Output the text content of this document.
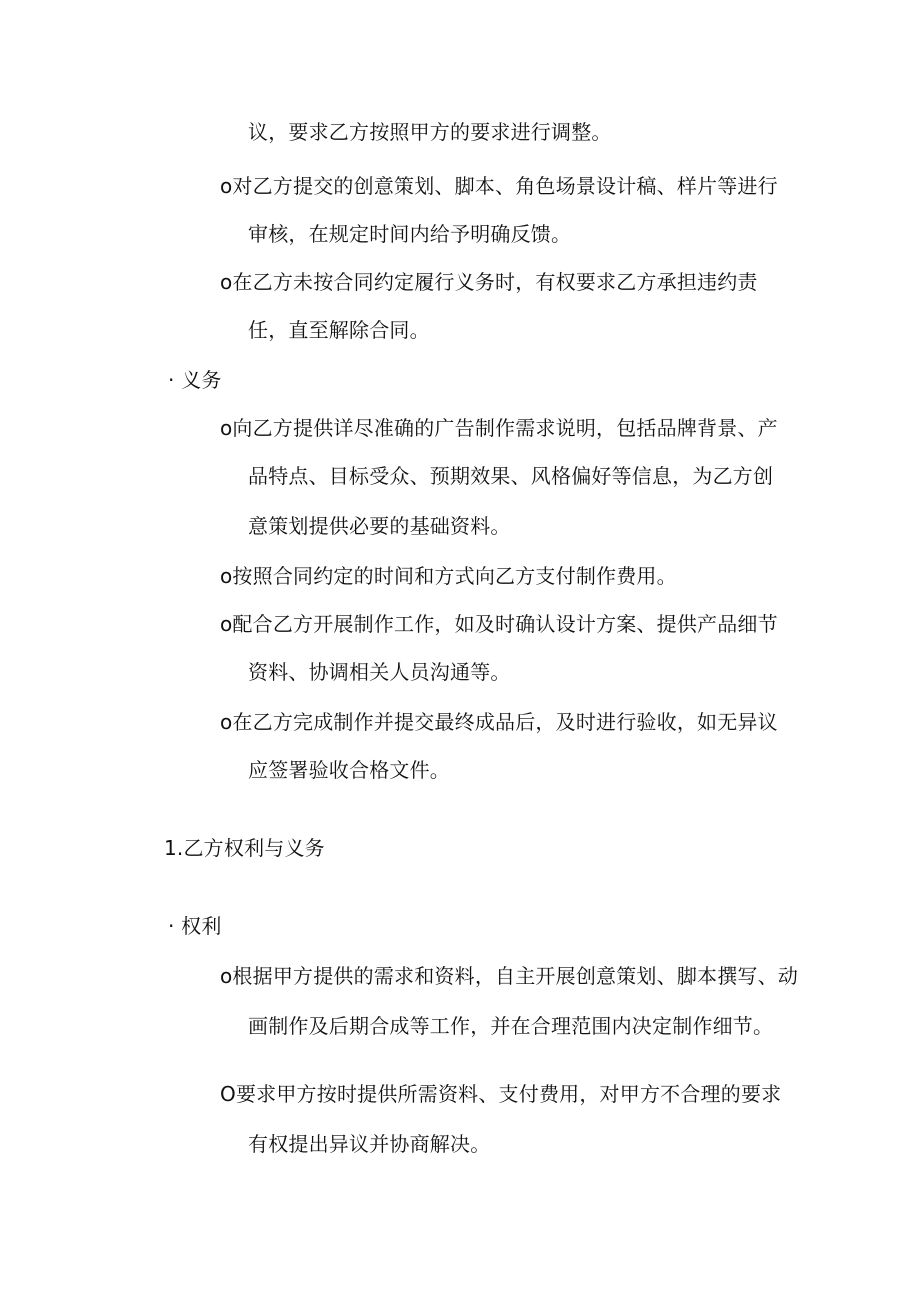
议，要求乙方按照甲方的要求进行调整。
o对乙方提交的创意策划、脚本、角色场景设计稿、样片等进行
审核，在规定时间内给予明确反馈。
o在乙方未按合同约定履行义务时，有权要求乙方承担违约责
任，直至解除合同。
· 义务
o向乙方提供详尽准确的广告制作需求说明，包括品牌背景、产
品特点、目标受众、预期效果、风格偏好等信息，为乙方创
意策划提供必要的基础资料。
o按照合同约定的时间和方式向乙方支付制作费用。
o配合乙方开展制作工作，如及时确认设计方案、提供产品细节
资料、协调相关人员沟通等。
o在乙方完成制作并提交最终成品后，及时进行验收，如无异议
应签署验收合格文件。
1.乙方权利与义务
· 权利
o根据甲方提供的需求和资料，自主开展创意策划、脚本撰写、动
画制作及后期合成等工作，并在合理范围内决定制作细节。
O要求甲方按时提供所需资料、支付费用，对甲方不合理的要求
有权提出异议并协商解决。
